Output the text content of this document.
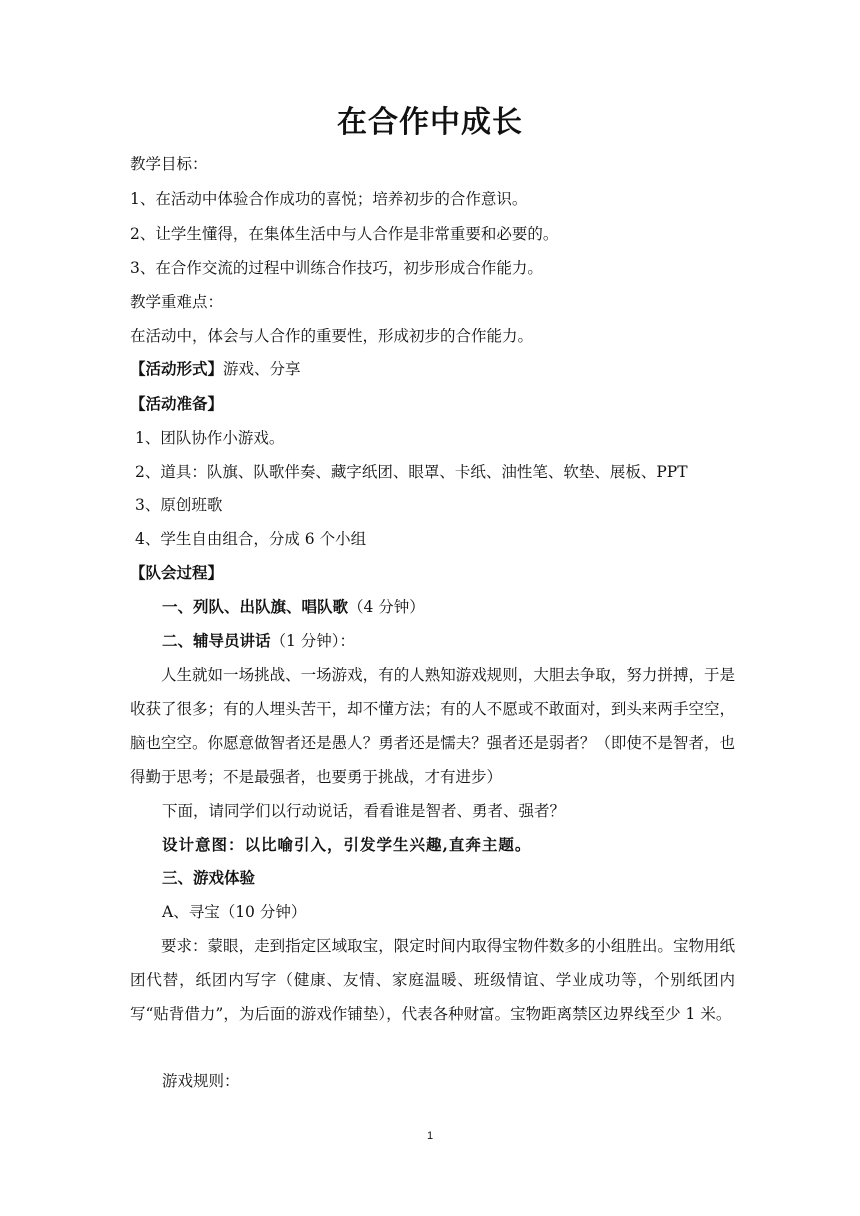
在合作中成长
教学目标：
1、在活动中体验合作成功的喜悦；培养初步的合作意识。
2、让学生懂得，在集体生活中与人合作是非常重要和必要的。
3、在合作交流的过程中训练合作技巧，初步形成合作能力。
教学重难点：
在活动中，体会与人合作的重要性，形成初步的合作能力。
【活动形式】游戏、分享
【活动准备】
1、团队协作小游戏。
2、道具：队旗、队歌伴奏、藏字纸团、眼罩、卡纸、油性笔、软垫、展板、PPT
3、原创班歌
4、学生自由组合，分成 6 个小组
【队会过程】
一、列队、出队旗、唱队歌（4 分钟）
二、辅导员讲话（1 分钟）：
人生就如一场挑战、一场游戏，有的人熟知游戏规则，大胆去争取，努力拼搏，于是收获了很多；有的人埋头苦干，却不懂方法；有的人不愿或不敢面对，到头来两手空空，脑也空空。你愿意做智者还是愚人？勇者还是懦夫？强者还是弱者？（即使不是智者，也得勤于思考；不是最强者，也要勇于挑战，才有进步）
下面，请同学们以行动说话，看看谁是智者、勇者、强者？
设计意图：以比喻引入，引发学生兴趣,直奔主题。
三、游戏体验
A、寻宝（10 分钟）
要求：蒙眼，走到指定区域取宝，限定时间内取得宝物件数多的小组胜出。宝物用纸团代替，纸团内写字（健康、友情、家庭温暖、班级情谊、学业成功等，个别纸团内写“贴背借力”，为后面的游戏作铺垫），代表各种财富。宝物距离禁区边界线至少 1 米。
游戏规则：
1
